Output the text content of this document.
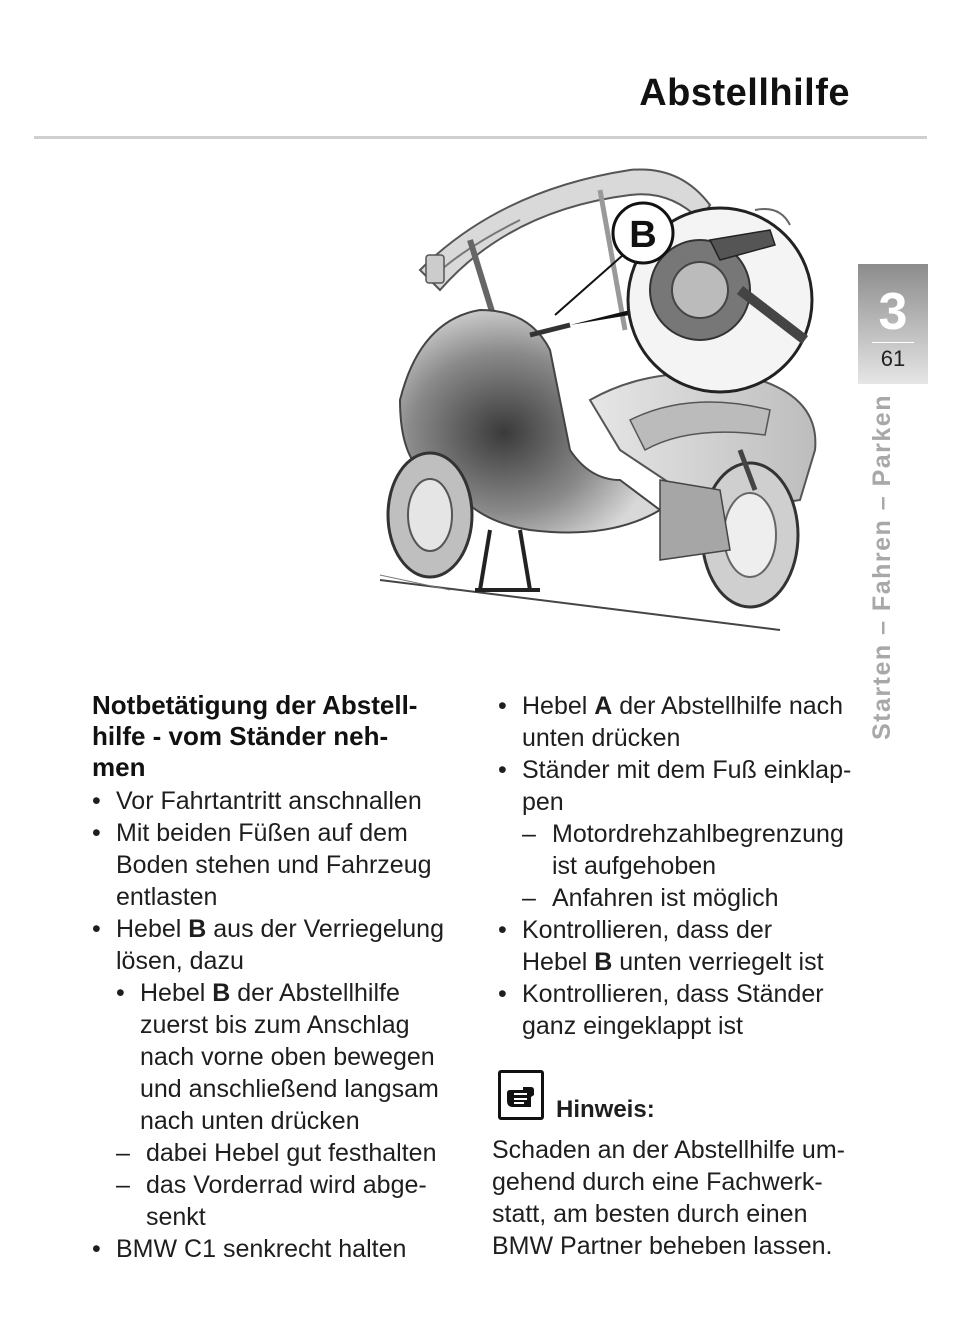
Abstellhilfe
3
61
Starten – Fahren – Parken
B
Notbetätigung der Abstell-
hilfe - vom Ständer neh-
men
• Vor Fahrtantritt anschnallen
• Mit beiden Füßen auf dem
Boden stehen und Fahrzeug
entlasten
• Hebel B aus der Verriegelung
lösen, dazu
• Hebel B der Abstellhilfe
zuerst bis zum Anschlag
nach vorne oben bewegen
und anschließend langsam
nach unten drücken
– dabei Hebel gut festhalten
– das Vorderrad wird abge-
senkt
• BMW C1 senkrecht halten
• Hebel A der Abstellhilfe nach
unten drücken
• Ständer mit dem Fuß einklap-
pen
– Motordrehzahlbegrenzung
ist aufgehoben
– Anfahren ist möglich
• Kontrollieren, dass der
Hebel B unten verriegelt ist
• Kontrollieren, dass Ständer
ganz eingeklappt ist
Hinweis:
Schaden an der Abstellhilfe um-
gehend durch eine Fachwerk-
statt, am besten durch einen
BMW Partner beheben lassen.
